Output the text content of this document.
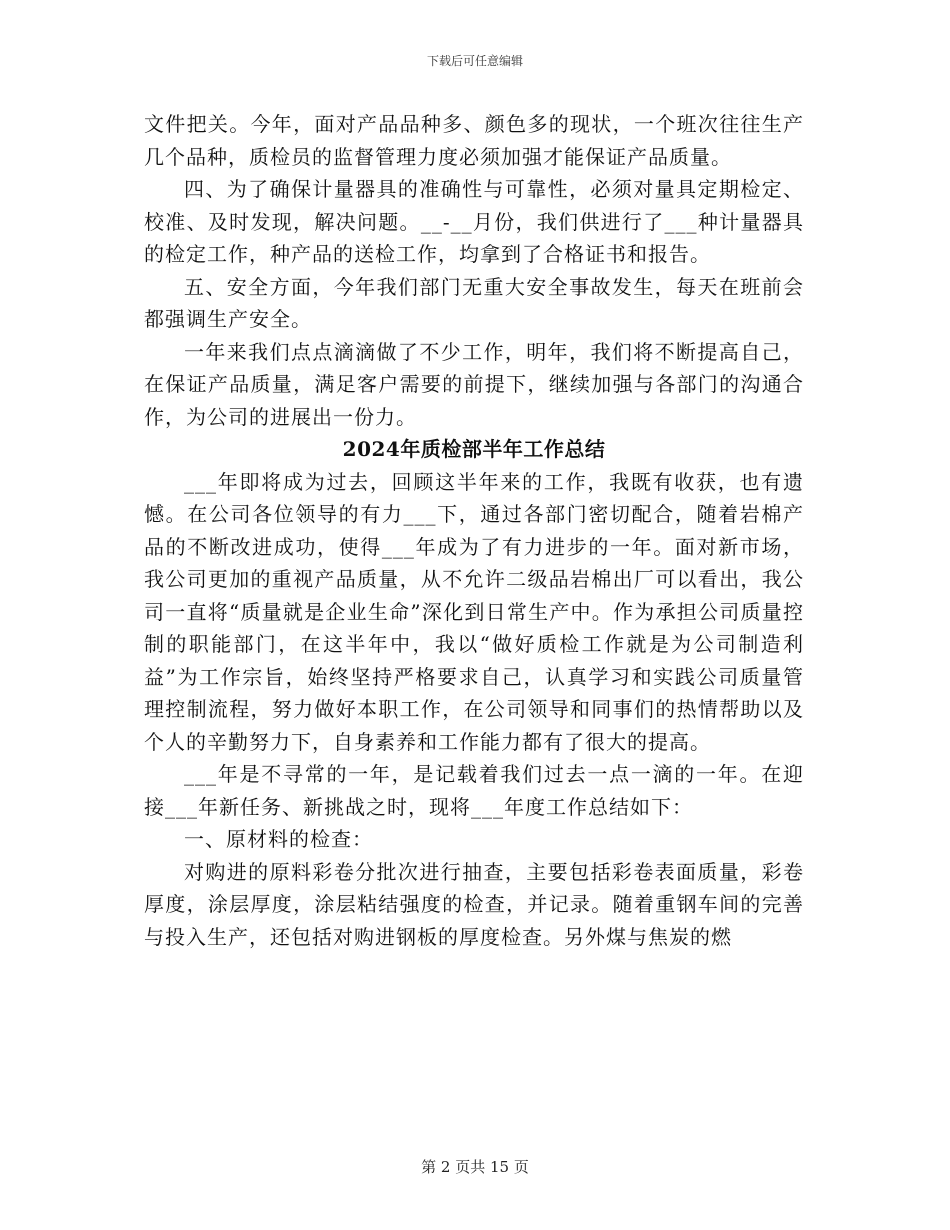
下载后可任意编辑

文件把关。今年，面对产品品种多、颜色多的现状，一个班次往往生产几个品种，质检员的监督管理力度必须加强才能保证产品质量。

四、为了确保计量器具的准确性与可靠性，必须对量具定期检定、校准、及时发现，解决问题。__-__月份，我们供进行了___种计量器具的检定工作，种产品的送检工作，均拿到了合格证书和报告。

五、安全方面，今年我们部门无重大安全事故发生，每天在班前会都强调生产安全。

一年来我们点点滴滴做了不少工作，明年，我们将不断提高自己，在保证产品质量，满足客户需要的前提下，继续加强与各部门的沟通合作，为公司的进展出一份力。

2024年质检部半年工作总结

___年即将成为过去，回顾这半年来的工作，我既有收获，也有遗憾。在公司各位领导的有力___下，通过各部门密切配合，随着岩棉产品的不断改进成功，使得___年成为了有力进步的一年。面对新市场，我公司更加的重视产品质量，从不允许二级品岩棉出厂可以看出，我公司一直将“质量就是企业生命”深化到日常生产中。作为承担公司质量控制的职能部门，在这半年中，我以“做好质检工作就是为公司制造利益”为工作宗旨，始终坚持严格要求自己，认真学习和实践公司质量管理控制流程，努力做好本职工作，在公司领导和同事们的热情帮助以及个人的辛勤努力下，自身素养和工作能力都有了很大的提高。

___年是不寻常的一年，是记载着我们过去一点一滴的一年。在迎接___年新任务、新挑战之时，现将___年度工作总结如下：

一、原材料的检查：

对购进的原料彩卷分批次进行抽查，主要包括彩卷表面质量，彩卷厚度，涂层厚度，涂层粘结强度的检查，并记录。随着重钢车间的完善与投入生产，还包括对购进钢板的厚度检查。另外煤与焦炭的燃

第 2 页共 15 页
